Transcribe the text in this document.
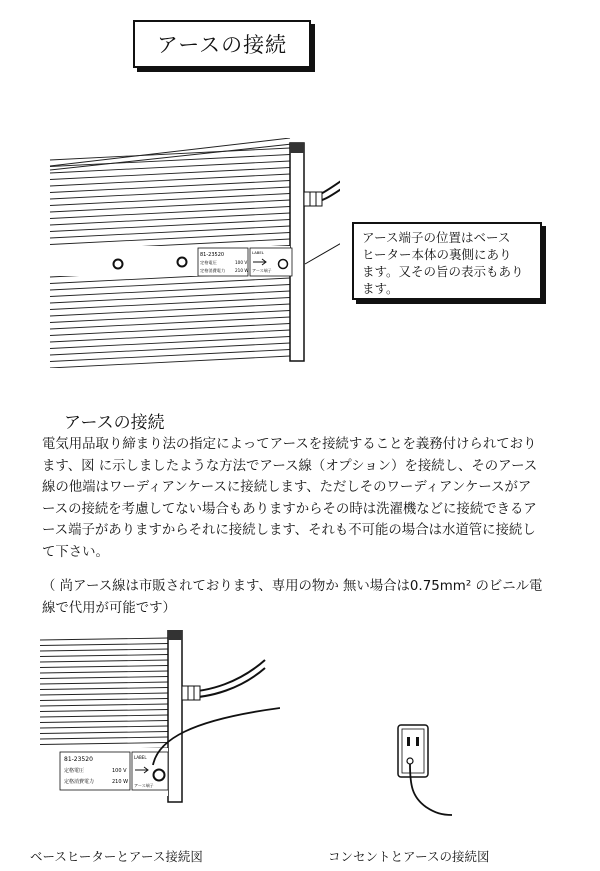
アースの接続
81-23520
定格電圧	100 V
定格消費電力 210 W
LABEL
アース端子
アース端子の位置はベース
ヒーター本体の裏側にあり
ます。又その旨の表示もあり
ます。
アースの接続
電気用品取り締まり法の指定によってアースを接続することを義務付けられており
ます、図 に示しましたような方法でアース線（オプション）を接続し、そのアース
線の他端はワーディアンケースに接続します、ただしそのワーディアンケースがア
ースの接続を考慮してない場合もありますからその時は洗濯機などに接続できるア
ース端子がありますからそれに接続します、それも不可能の場合は水道管に接続し
て下さい。
（ 尚アース線は市販されております、専用の物か 無い場合は0.75mm² のビニル電
線で代用が可能です）
81-23520
定格電圧	100 V
定格消費電力	210 W
LABEL
アース端子
ベースヒーターとアース接続図	コンセントとアースの接続図
